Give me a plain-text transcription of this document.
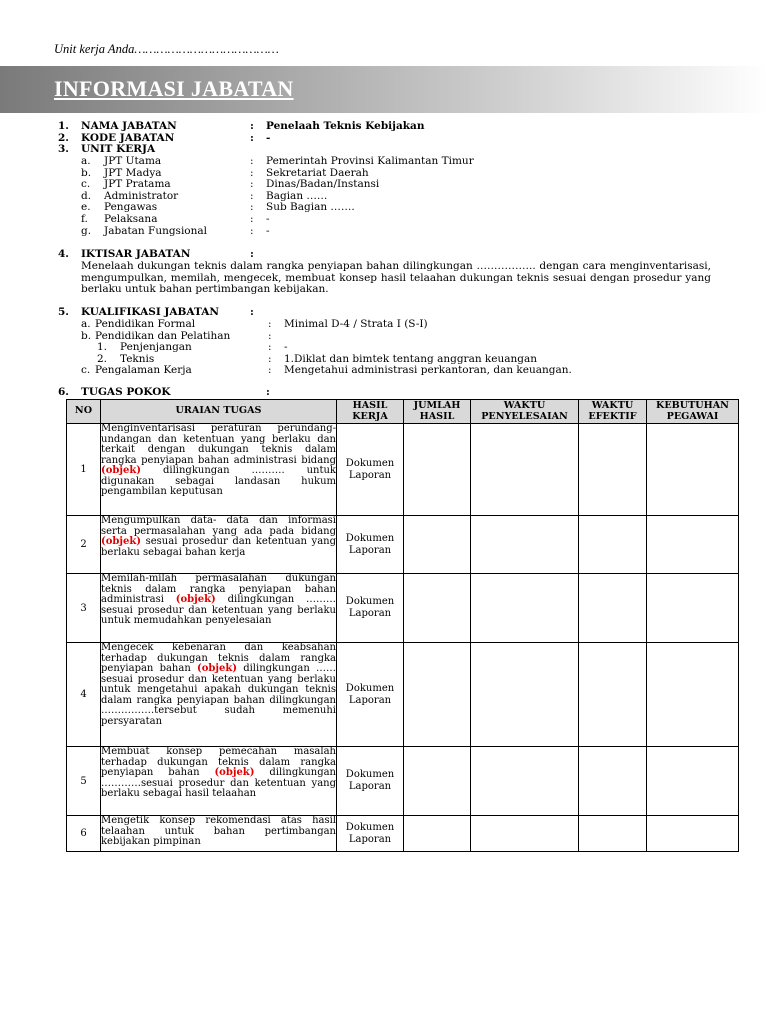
Unit kerja Anda…………………………………
INFORMASI JABATAN
1. NAMA JABATAN	: Penelaah Teknis Kebijakan
2. KODE JABATAN	: -
3. UNIT KERJA
a. JPT Utama	: Pemerintah Provinsi Kalimantan Timur
b. JPT Madya	: Sekretariat Daerah
c. JPT Pratama	: Dinas/Badan/Instansi
d. Administrator	: Bagian ……
e. Pengawas	: Sub Bagian …….
f. Pelaksana	: -
g. Jabatan Fungsional	: -
4. IKTISAR JABATAN	:
Menelaah dukungan teknis dalam rangka penyiapan bahan dilingkungan …………….. dengan cara menginventarisasi, mengumpulkan, memilah, mengecek, membuat konsep hasil telaahan dukungan teknis sesuai dengan prosedur yang berlaku untuk bahan pertimbangan kebijakan.
5. KUALIFIKASI JABATAN	:
a. Pendidikan Formal	: Minimal D-4 / Strata I (S-I)
b. Pendidikan dan Pelatihan	:
1. Penjenjangan	: -
2. Teknis	: 1.Diklat dan bimtek tentang anggran keuangan
c. Pengalaman Kerja	: Mengetahui administrasi perkantoran, dan keuangan.
6. TUGAS POKOK	:
NO	URAIAN TUGAS	HASIL KERJA	JUMLAH HASIL	WAKTU PENYELESAIAN	WAKTU EFEKTIF	KEBUTUHAN PEGAWAI
1	Menginventarisasi peraturan perundang- undangan dan ketentuan yang berlaku dan terkait dengan dukungan teknis dalam rangka penyiapan bahan administrasi bidang (objek) dilingkungan ………. untuk digunakan sebagai landasan hukum pengambilan keputusan	Dokumen
Laporan				

2	Mengumpulkan data- data dan informasi serta permasalahan yang ada pada bidang (objek) sesuai prosedur dan ketentuan yang berlaku sebagai bahan kerja	Dokumen
Laporan				

3	Memilah-milah permasalahan dukungan teknis dalam rangka penyiapan bahan administrasi (objek) dilingkungan ……… sesuai prosedur dan ketentuan yang berlaku untuk memudahkan penyelesaian	Dokumen
Laporan				

4	Mengecek kebenaran dan keabsahan terhadap dukungan teknis dalam rangka penyiapan bahan (objek) dilingkungan …… sesuai prosedur dan ketentuan yang berlaku untuk mengetahui apakah dukungan teknis dalam rangka penyiapan bahan dilingkungan …………….tersebut sudah memenuhi persyaratan	Dokumen
Laporan				

5	Membuat konsep pemecahan masalah terhadap dukungan teknis dalam rangka penyiapan bahan (objek) dilingkungan …………sesuai prosedur dan ketentuan yang berlaku sebagai hasil telaahan	Dokumen
Laporan				

6	Mengetik konsep rekomendasi atas hasil telaahan untuk bahan pertimbangan kebijakan pimpinan	Dokumen
Laporan				
